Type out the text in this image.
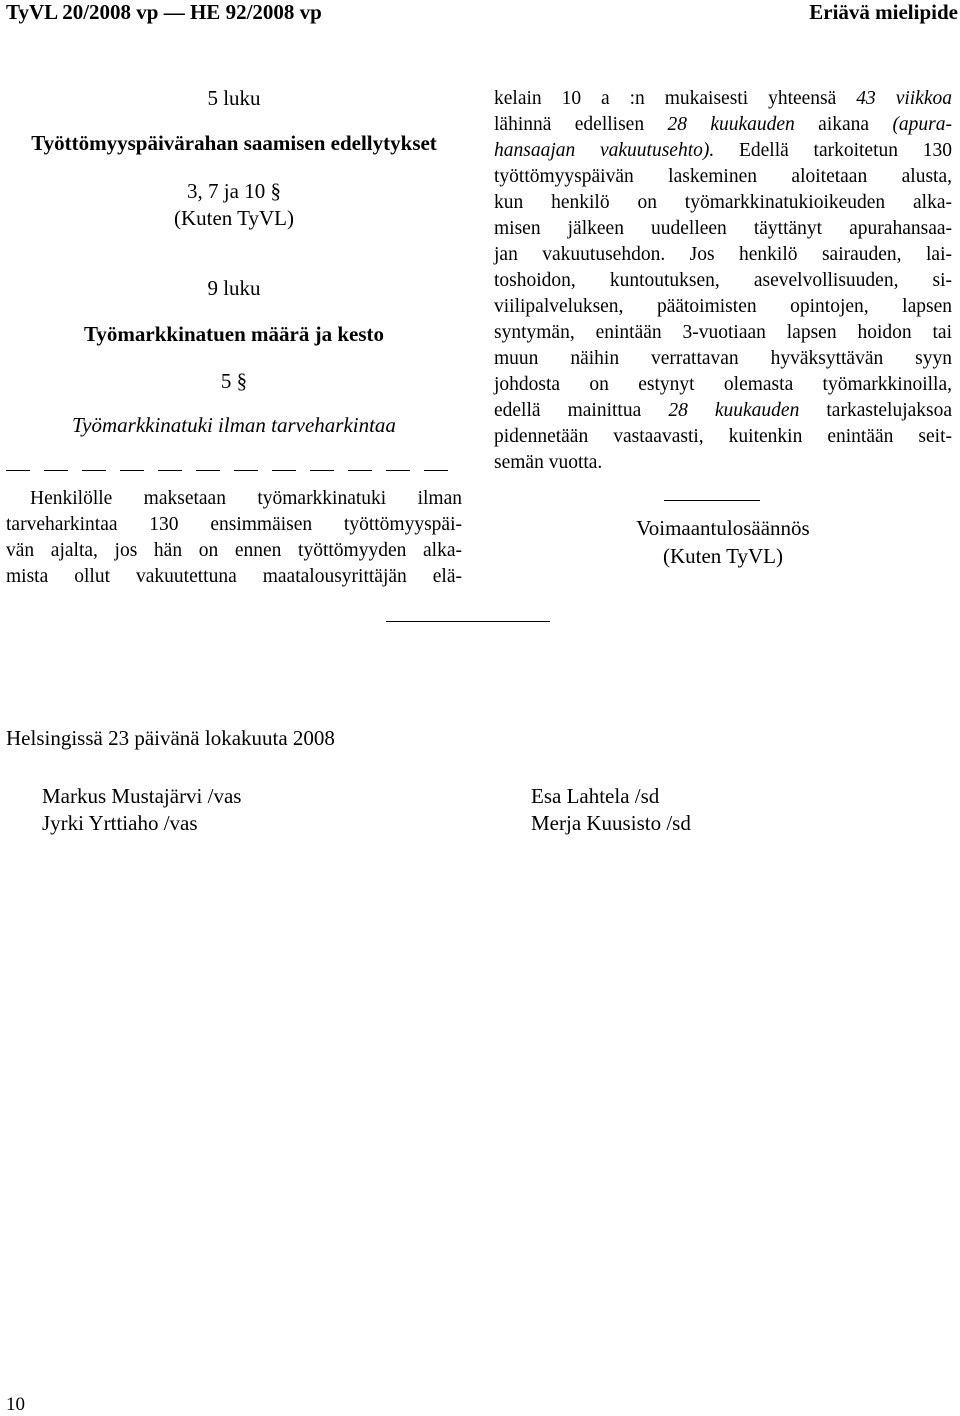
TyVL 20/2008 vp — HE 92/2008 vp	Eriävä mielipide
5 luku
Työttömyyspäivärahan saamisen edellytykset
3, 7 ja 10 §
(Kuten TyVL)
9 luku
Työmarkkinatuen määrä ja kesto
5 §
Työmarkkinatuki ilman tarveharkintaa
Henkilölle maksetaan työmarkkinatuki ilman
tarveharkintaa 130 ensimmäisen työttömyyspäi-
vän ajalta, jos hän on ennen työttömyyden alka-
mista ollut vakuutettuna maatalousyrittäjän elä-
kelain 10 a :n mukaisesti yhteensä 43 viikkoa
lähinnä edellisen 28 kuukauden aikana (apura-
hansaajan vakuutusehto). Edellä tarkoitetun 130
työttömyyspäivän laskeminen aloitetaan alusta,
kun henkilö on työmarkkinatukioikeuden alka-
misen jälkeen uudelleen täyttänyt apurahansaa-
jan vakuutusehdon. Jos henkilö sairauden, lai-
toshoidon, kuntoutuksen, asevelvollisuuden, si-
viilipalveluksen, päätoimisten opintojen, lapsen
syntymän, enintään 3-vuotiaan lapsen hoidon tai
muun näihin verrattavan hyväksyttävän syyn
johdosta on estynyt olemasta työmarkkinoilla,
edellä mainittua 28 kuukauden tarkastelujaksoa
pidennetään vastaavasti, kuitenkin enintään seit-
semän vuotta.
Voimaantulosäännös
(Kuten TyVL)
Helsingissä 23 päivänä lokakuuta 2008
Markus Mustajärvi /vas
Jyrki Yrttiaho /vas
Esa Lahtela /sd
Merja Kuusisto /sd
10
